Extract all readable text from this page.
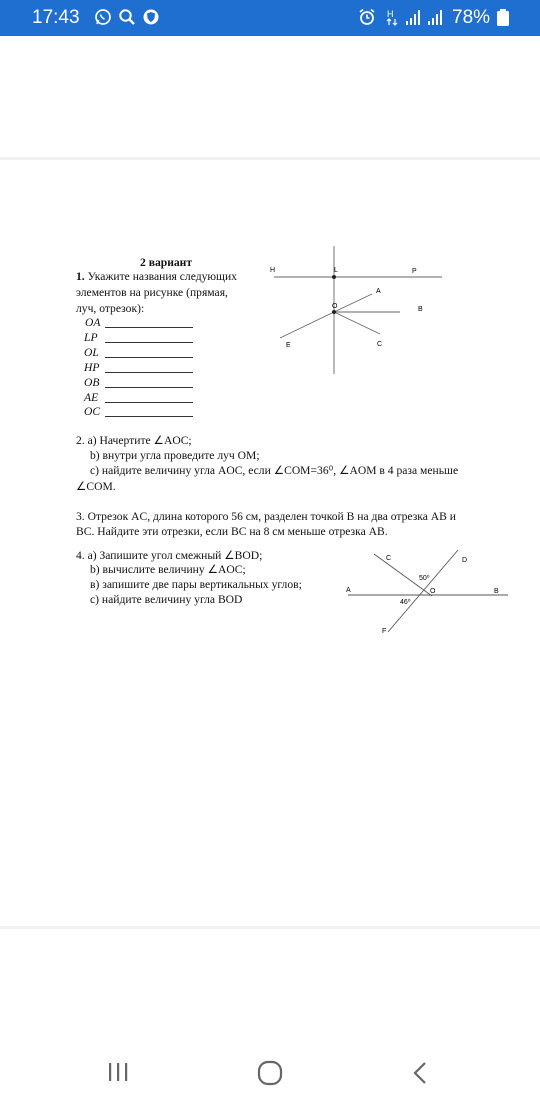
17:43	H	78%
2 вариант
1. Укажите названия следующих
элементов на рисунке (прямая,
луч, отрезок):
OA
LP
OL
HP
OB
AE
OC
H	L	P
A
O	B
E	C
2. а) Начертите ∠AOC;
b) внутри угла проведите луч OM;
с) найдите величину угла AOC, если ∠COM=36⁰, ∠AOM в 4 раза меньше
∠COM.
3. Отрезок AC, длина которого 56 см, разделен точкой B на два отрезка AB и
BC. Найдите эти отрезки, если BC на 8 см меньше отрезка AB.
4. а) Запишите угол смежный ∠BOD;
b) вычислите величину ∠AOC;
в) запишите две пары вертикальных углов;
c) найдите величину угла BOD
C	D
A	O	B
F
50⁰
46⁰
